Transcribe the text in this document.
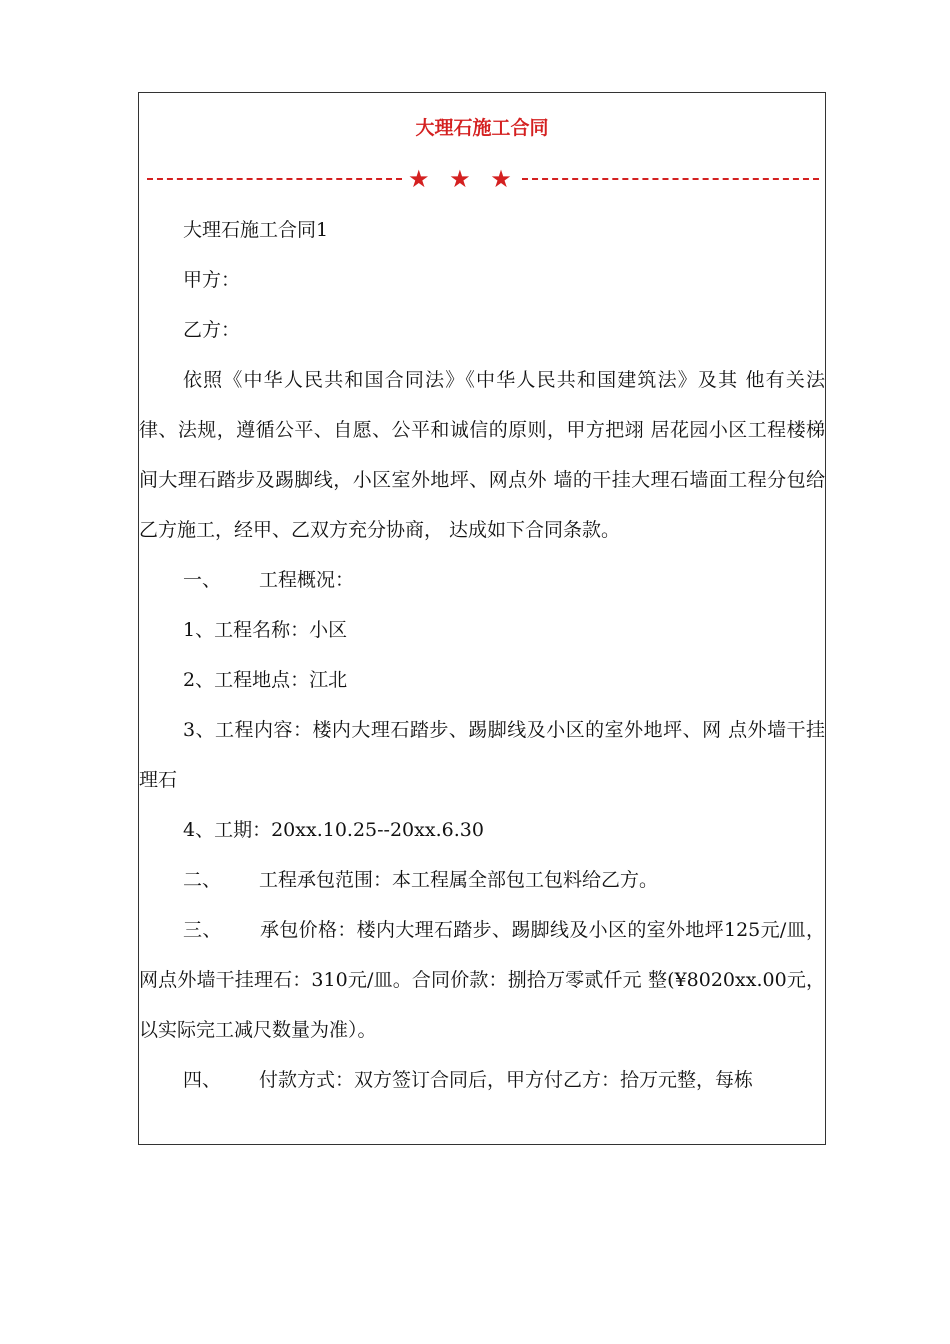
大理石施工合同
★ ★ ★

大理石施工合同1

甲方：

乙方：

依照《中华人民共和国合同法》《中华人民共和国建筑法》及其 他有关法律、法规，遵循公平、自愿、公平和诚信的原则，甲方把翊 居花园小区工程楼梯间大理石踏步及踢脚线，小区室外地坪、网点外 墙的干挂大理石墙面工程分包给乙方施工，经甲、乙双方充分协商， 达成如下合同条款。

一、 工程概况：

1、工程名称：小区

2、工程地点：江北

3、工程内容：楼内大理石踏步、踢脚线及小区的室外地坪、网 点外墙干挂理石

4、工期：20xx.10.25--20xx.6.30

二、 工程承包范围：本工程属全部包工包料给乙方。

三、 承包价格：楼内大理石踏步、踢脚线及小区的室外地坪125元/皿，网点外墙干挂理石：310元/皿。合同价款：捌拾万零贰仟元 整(¥8020xx.00元，以实际完工减尺数量为准）。

四、 付款方式：双方签订合同后，甲方付乙方：拾万元整，每栋
